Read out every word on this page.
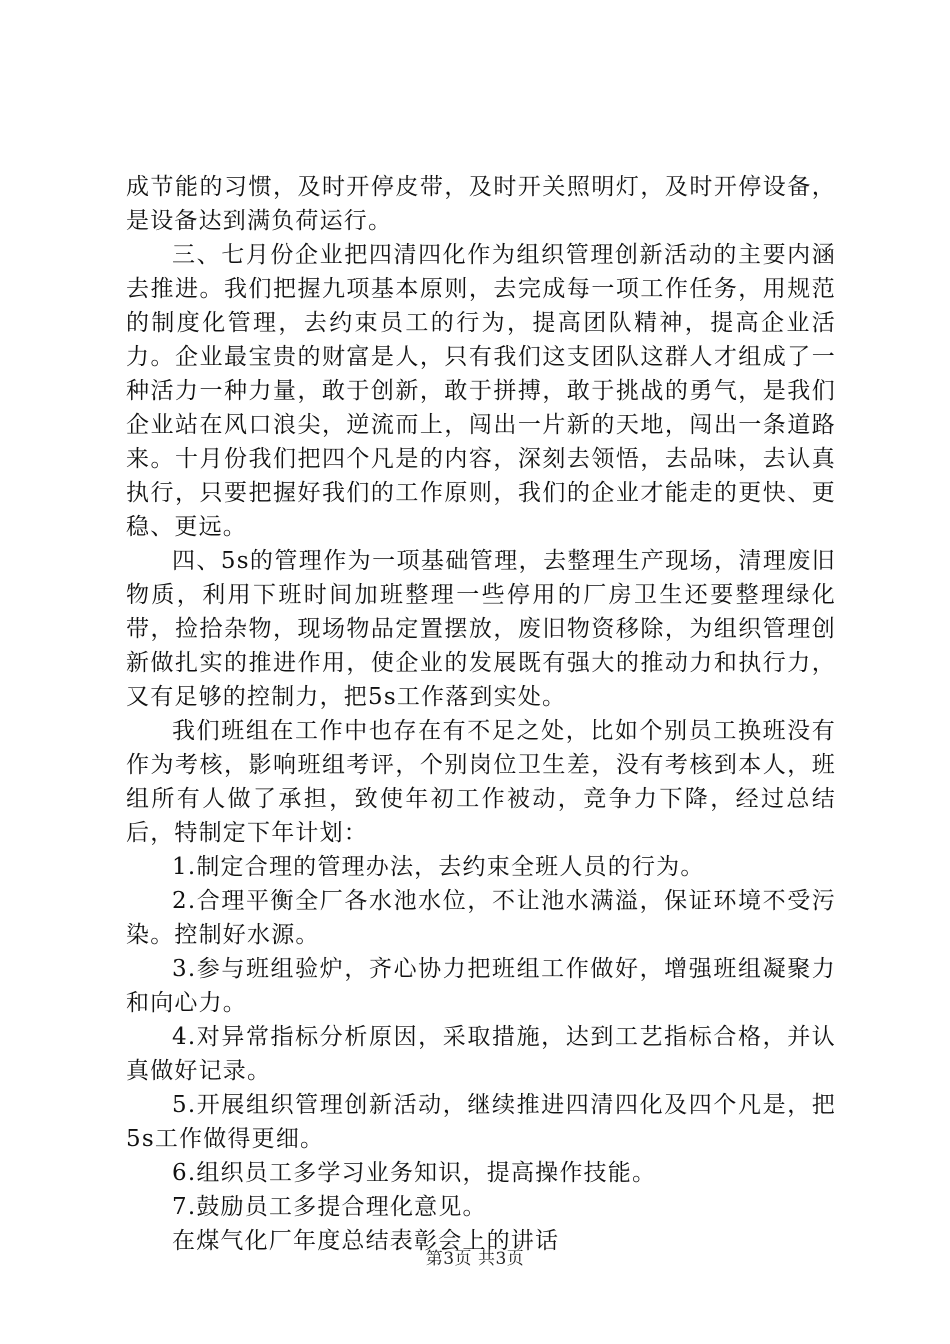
成节能的习惯，及时开停皮带，及时开关照明灯，及时开停设备，是设备达到满负荷运行。

三、七月份企业把四清四化作为组织管理创新活动的主要内涵去推进。我们把握九项基本原则，去完成每一项工作任务，用规范的制度化管理，去约束员工的行为，提高团队精神，提高企业活力。企业最宝贵的财富是人，只有我们这支团队这群人才组成了一种活力一种力量，敢于创新，敢于拼搏，敢于挑战的勇气，是我们企业站在风口浪尖，逆流而上，闯出一片新的天地，闯出一条道路来。十月份我们把四个凡是的内容，深刻去领悟，去品味，去认真执行，只要把握好我们的工作原则，我们的企业才能走的更快、更稳、更远。

四、5s的管理作为一项基础管理，去整理生产现场，清理废旧物质，利用下班时间加班整理一些停用的厂房卫生还要整理绿化带，捡拾杂物，现场物品定置摆放，废旧物资移除，为组织管理创新做扎实的推进作用，使企业的发展既有强大的推动力和执行力，又有足够的控制力，把5s工作落到实处。

我们班组在工作中也存在有不足之处，比如个别员工换班没有作为考核，影响班组考评，个别岗位卫生差，没有考核到本人，班组所有人做了承担，致使年初工作被动，竞争力下降，经过总结后，特制定下年计划：

1.制定合理的管理办法，去约束全班人员的行为。

2.合理平衡全厂各水池水位，不让池水满溢，保证环境不受污染。控制好水源。

3.参与班组验炉，齐心协力把班组工作做好，增强班组凝聚力和向心力。

4.对异常指标分析原因，采取措施，达到工艺指标合格，并认真做好记录。

5.开展组织管理创新活动，继续推进四清四化及四个凡是，把5s工作做得更细。

6.组织员工多学习业务知识，提高操作技能。

7.鼓励员工多提合理化意见。

在煤气化厂年度总结表彰会上的讲话

第3页 共3页
